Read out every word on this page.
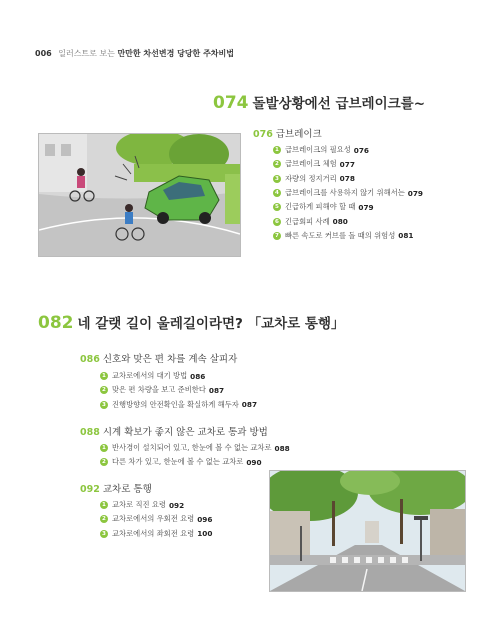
006 일러스트로 보는 만만한 차선변경 당당한 주차비법
074 돌발상황에선 급브레이크를~
076 급브레이크
1 급브레이크의 필요성 076
2 급브레이크 체험 077
3 자량의 정지거리 078
4 급브레이크를 사용하지 않기 위해서는 079
5 긴급하게 피해야 할 때 079
6 긴급회피 사례 080
7 빠른 속도로 커브를 돌 때의 위험성 081
082 네 갈랫 길이 울레길이라면? 「교차로 통행」
086 신호와 맞은 편 차를 계속 살피자
1 교차로에서의 대기 방법 086
2 맞은 편 차량을 보고 준비한다 087
3 진행방향의 안전확인을 확실하게 해두자 087
088 시계 확보가 좋지 않은 교차로 통과 방법
1 반사경이 설치되어 있고, 한눈에 볼 수 없는 교차로 088
2 다른 차가 있고, 한눈에 볼 수 없는 교차로 090
092 교차로 통행
1 교차로 직진 요령 092
2 교차로에서의 우회전 요령 096
3 교차로에서의 좌회전 요령 100
